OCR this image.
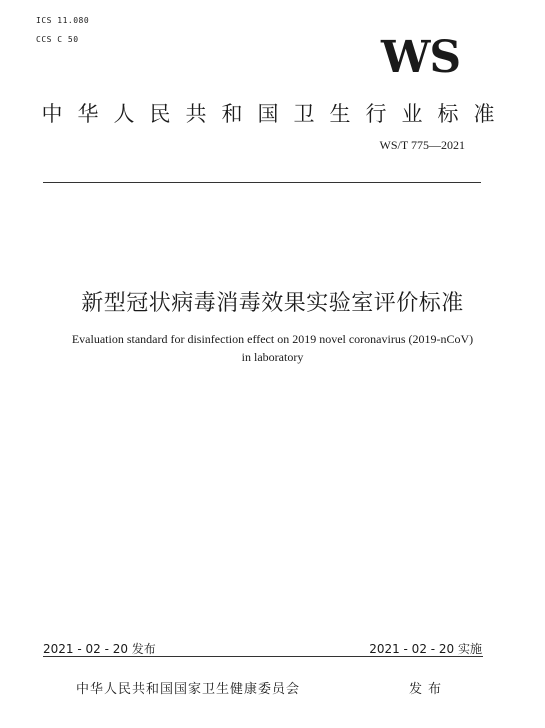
ICS 11.080
CCS C 50	WS
中华人民共和国卫生行业标准
WS/T 775—2021
新型冠状病毒消毒效果实验室评价标准
Evaluation standard for disinfection effect on 2019 novel coronavirus (2019-nCoV)
in laboratory
2021 - 02 - 20 发布	2021 - 02 - 20 实施
中华人民共和国国家卫生健康委员会	发布
